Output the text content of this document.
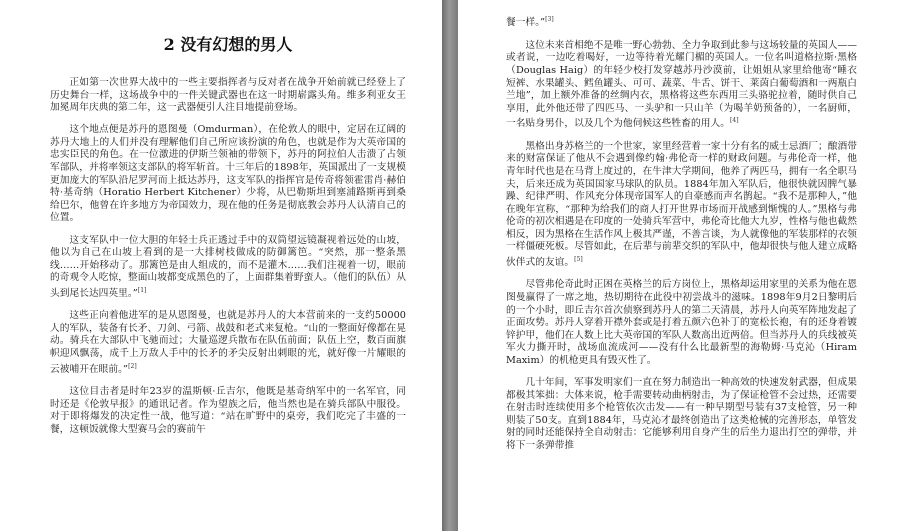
2 没有幻想的男人

正如第一次世界大战中的一些主要指挥者与反对者在战争开始前就已经登上了历史舞台一样，这场战争中的一件关键武器也在这一时期崭露头角。维多利亚女王加冕周年庆典的第二年，这一武器便引人注目地提前登场。

这个地点便是苏丹的恩图曼（Omdurman），在伦敦人的眼中，定居在辽阔的苏丹大地上的人们并没有理解他们自己所应该扮演的角色，也就是作为大英帝国的忠实臣民的角色。在一位激进的伊斯兰领袖的带领下，苏丹的阿拉伯人击溃了占领军部队，并将率领这支部队的将军斩首。十三年后的1898年，英国派出了一支规模更加庞大的军队沿尼罗河而上抵达苏丹，这支军队的指挥官是传奇将领霍雷肖·赫伯特·基奇纳（Horatio Herbert Kitchener）少将，从巴勒斯坦到塞浦路斯再到桑给巴尔，他曾在许多地方为帝国效力，现在他的任务是彻底教会苏丹人认清自己的位置。

这支军队中一位大胆的年轻士兵正透过手中的双筒望远镜凝视着远处的山坡，他以为自己在山坡上看到的是一大排树枝做成的防御篱笆。“突然，那一整条黑线……开始移动了。那篱笆是由人组成的，而不是灌木……我们注视着一切，眼前的奇观令人吃惊，整面山坡都变成黑色的了，上面群集着野蛮人。（他们的队伍）从头到尾长达四英里。”[1]

这些正向着他进军的是从恩图曼，也就是苏丹人的大本营前来的一支约50000人的军队，装备有长矛、刀剑、弓箭、战鼓和老式来复枪。“山的一整面好像都在晃动。骑兵在大部队中飞驰而过；大量巡逻兵散布在队伍前面；队伍上空，数百面旗帜迎风飘荡，成千上万敌人手中的长矛的矛尖反射出刺眼的光，就好像一片耀眼的云被哺开在眼前。”[2]

这位目击者是时年23岁的温斯顿·丘吉尔，他既是基奇纳军中的一名军官，同时还是《伦敦早报》的通讯记者。作为望族之后，他当然也是在骑兵部队中服役。对于即将爆发的决定性一战，他写道：“站在旷野中的桌旁，我们吃完了丰盛的一餐，这顿饭就像大型赛马会的赛前午

餐一样。”[3]

这位未来首相绝不是唯一野心勃勃、全力争取到此参与这场较量的英国人——或者说，一边吃着喝好，一边等待着光耀门楣的英国人。一位名叫道格拉斯·黑格（Douglas Haig）的年轻少校打发穿越苏丹沙漠前，让姐姐从家里给他寄“睡衣短裤、水果罐头、鳕鱼罐头、可可、蔬菜、牛舌、饼干、莱茵白葡萄酒和一两瓶白兰地”，加上额外准备的丝绸内衣，黑格将这些东西用三头骆驼拉着，随时供自己享用，此外他还带了四匹马、一头驴和一只山羊（为喝羊奶预备的），一名厨师，一名贴身男仆，以及几个为他伺候这些牲畜的用人。[4]

黑格出身苏格兰的一个世家，家里经营着一家十分有名的威士忌酒厂；酿酒带来的财富保证了他从不会遇到像约翰·弗伦奇一样的财政问题。与弗伦奇一样，他青年时代也是在马背上度过的，在牛津大学期间，他养了两匹马，拥有一名全职马夫，后来还成为英国国家马球队的队员。1884年加入军队后，他很快就因脾气暴躁、纪律严明、作风充分体现帝国军人的自豪感而声名鹊起。“我不是那种人，”他在晚年宣称，“那种为给我们的商人打开世界市场而开战感到惭愧的人。”黑格与弗伦奇的初次相遇是在印度的一处骑兵军营中，弗伦奇比他大九岁，性格与他也截然相反，因为黑格在生活作风上极其严谨，不善言谈，为人就像他的军装那样的衣领一样僵硬死板。尽管如此，在后辈与前辈交织的军队中，他却很快与他人建立成略伙伴式的友谊。[5]

尽管弗伦奇此时正困在英格兰的后方岗位上，黑格却运用家里的关系为他在恩图曼赢得了一席之地，热切期待在此役中初尝战斗的滋味。1898年9月2日黎明后的一个小时，即丘吉尔首次侦察到苏丹人的第二天清晨，苏丹人向英军阵地发起了正面攻势。苏丹人穿着开襟外套或是打着五颜六色补丁的宽松长袍，有的还身着镀锌护甲，他们在人数上比大英帝国的军队人数高出近两倍。但当苏丹人的兵线被英军火力撕开时，战场血流成河——没有什么比最新型的海勒姆·马克沁（Hiram Maxim）的机枪更具有毁灭性了。

几十年间，军事发明家们一直在努力制造出一种高效的快速发射武器，但成果都极其笨拙：大体来说，枪手需要转动曲柄射击，为了保证枪管不会过热，还需要在射击时连续使用多个枪管依次击发——有一种早期型号装有37支枪管，另一种则装了50支。直到1884年，马克沁才最终创造出了这类枪械的完善形态，单管发射的同时还能保持全自动射击：它能够利用自身产生的后坐力退出打空的弹带，并将下一条弹带推
